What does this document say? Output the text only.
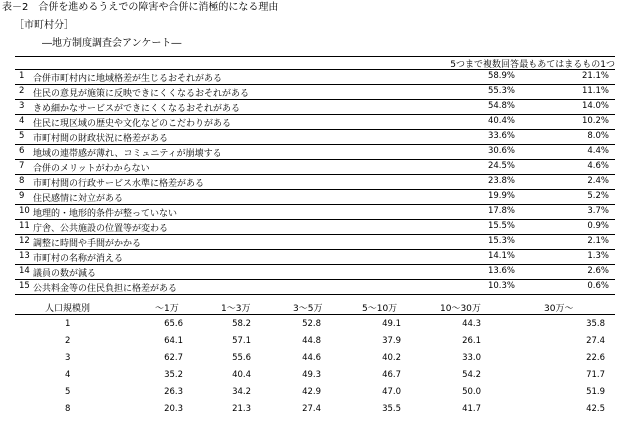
表－2　合併を進めるうえでの障害や合併に消極的になる理由
［市町村分］
―地方制度調査会アンケート―
5つまで複数回答 最もあてはまるもの1つ
1 合併市町村内に地域格差が生じるおそれがある	58.9%	21.1%
2 住民の意見が施策に反映できにくくなるおそれがある	55.3%	11.1%
3 きめ細かなサービスができにくくなるおそれがある	54.8%	14.0%
4 住民に現区域の歴史や文化などのこだわりがある	40.4%	10.2%
5 市町村間の財政状況に格差がある	33.6%	8.0%
6 地域の連帯感が薄れ、コミュニティが崩壊する	30.6%	4.4%
7 合併のメリットがわからない	24.5%	4.6%
8 市町村間の行政サービス水準に格差がある	23.8%	2.4%
9 住民感情に対立がある	19.9%	5.2%
10 地理的・地形的条件が整っていない	17.8%	3.7%
11 庁舎、公共施設の位置等が変わる	15.5%	0.9%
12 調整に時間や手間がかかる	15.3%	2.1%
13 市町村の名称が消える	14.1%	1.3%
14 議員の数が減る	13.6%	2.6%
15 公共料金等の住民負担に格差がある	10.3%	0.6%
人口規模別	～1万	1～3万	3～5万	5～10万	10～30万	30万～
1	65.6	58.2	52.8	49.1	44.3	35.8
2	64.1	57.1	44.8	37.9	26.1	27.4
3	62.7	55.6	44.6	40.2	33.0	22.6
4	35.2	40.4	49.3	46.7	54.2	71.7
5	26.3	34.2	42.9	47.0	50.0	51.9
8	20.3	21.3	27.4	35.5	41.7	42.5
